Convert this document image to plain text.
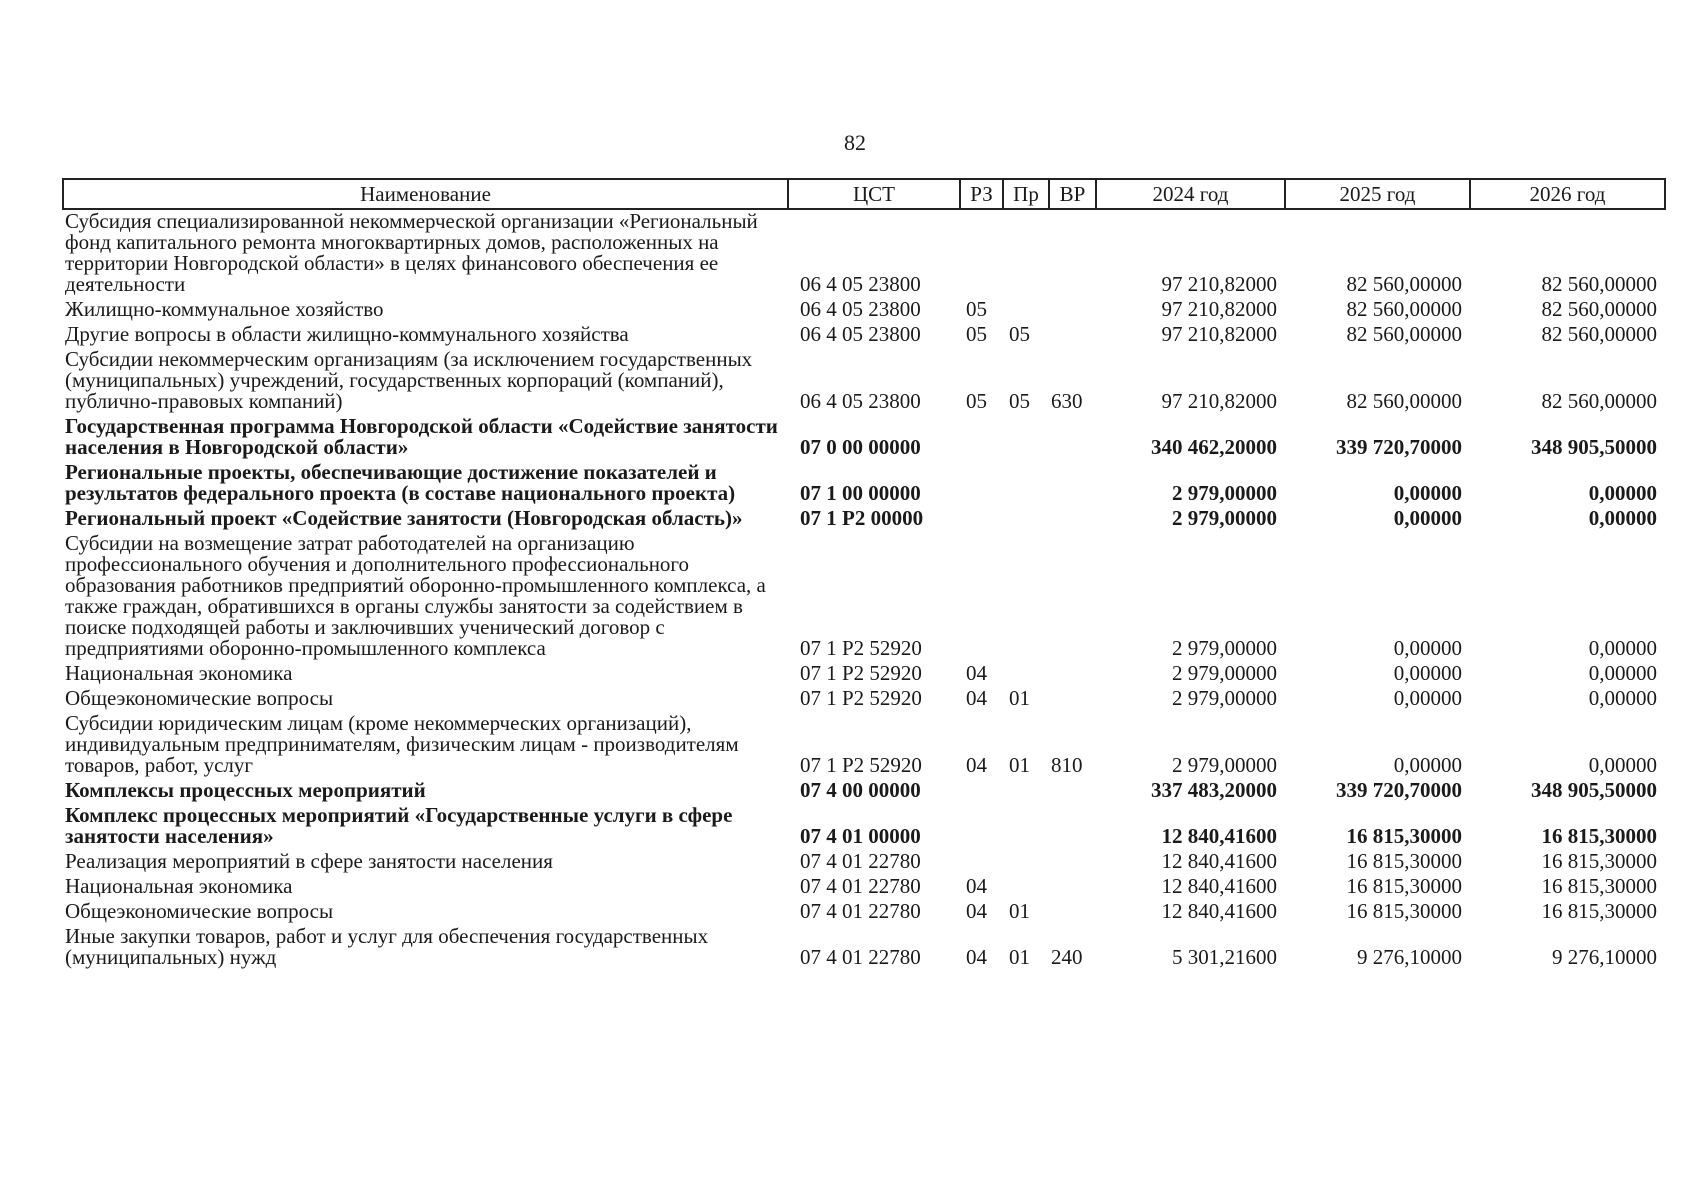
82
Наименование	ЦСТ	РЗ	Пр	ВР	2024 год	2025 год	2026 год
Субсидия специализированной некоммерческой организации «Региональный фонд капитального ремонта многоквартирных домов, расположенных на территории Новгородской области» в целях финансового обеспечения ее деятельности	06 4 05 23800				97 210,82000	82 560,00000	82 560,00000
Жилищно-коммунальное хозяйство	06 4 05 23800	05			97 210,82000	82 560,00000	82 560,00000
Другие вопросы в области жилищно-коммунального хозяйства	06 4 05 23800	05	05		97 210,82000	82 560,00000	82 560,00000
Субсидии некоммерческим организациям (за исключением государственных (муниципальных) учреждений, государственных корпораций (компаний), публично-правовых компаний)	06 4 05 23800	05	05	630	97 210,82000	82 560,00000	82 560,00000
Государственная программа Новгородской области «Содействие занятости населения в Новгородской области»	07 0 00 00000				340 462,20000	339 720,70000	348 905,50000
Региональные проекты, обеспечивающие достижение показателей и результатов федерального проекта (в составе национального проекта)	07 1 00 00000				2 979,00000	0,00000	0,00000
Региональный проект «Содействие занятости (Новгородская область)»	07 1 Р2 00000				2 979,00000	0,00000	0,00000
Субсидии на возмещение затрат работодателей на организацию профессионального обучения и дополнительного профессионального образования работников предприятий оборонно-промышленного комплекса, а также граждан, обратившихся в органы службы занятости за содействием в поиске подходящей работы и заключивших ученический договор с предприятиями оборонно-промышленного комплекса	07 1 Р2 52920				2 979,00000	0,00000	0,00000
Национальная экономика	07 1 Р2 52920	04			2 979,00000	0,00000	0,00000
Общеэкономические вопросы	07 1 Р2 52920	04	01		2 979,00000	0,00000	0,00000
Субсидии юридическим лицам (кроме некоммерческих организаций), индивидуальным предпринимателям, физическим лицам - производителям товаров, работ, услуг	07 1 Р2 52920	04	01	810	2 979,00000	0,00000	0,00000
Комплексы процессных мероприятий	07 4 00 00000				337 483,20000	339 720,70000	348 905,50000
Комплекс процессных мероприятий «Государственные услуги в сфере занятости населения»	07 4 01 00000				12 840,41600	16 815,30000	16 815,30000
Реализация мероприятий в сфере занятости населения	07 4 01 22780				12 840,41600	16 815,30000	16 815,30000
Национальная экономика	07 4 01 22780	04			12 840,41600	16 815,30000	16 815,30000
Общеэкономические вопросы	07 4 01 22780	04	01		12 840,41600	16 815,30000	16 815,30000
Иные закупки товаров, работ и услуг для обеспечения государственных (муниципальных) нужд	07 4 01 22780	04	01	240	5 301,21600	9 276,10000	9 276,10000
